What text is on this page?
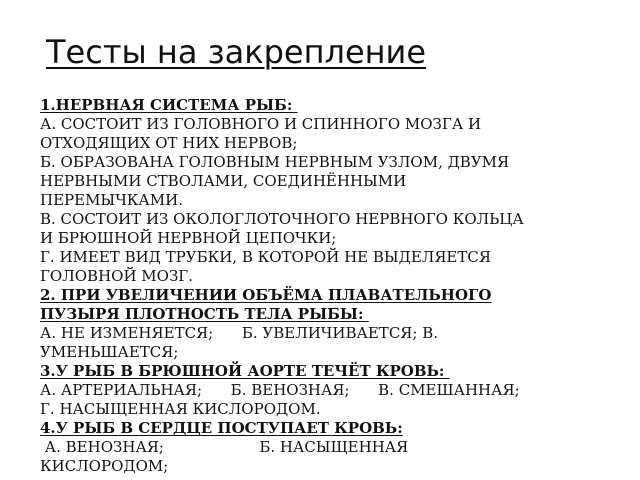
Тесты на закрепление
1.НЕРВНАЯ СИСТЕМА РЫБ:
А. СОСТОИТ ИЗ ГОЛОВНОГО И СПИННОГО МОЗГА И
ОТХОДЯЩИХ ОТ НИХ НЕРВОВ;
Б. ОБРАЗОВАНА ГОЛОВНЫМ НЕРВНЫМ УЗЛОМ, ДВУМЯ
НЕРВНЫМИ СТВОЛАМИ, СОЕДИНЁННЫМИ
ПЕРЕМЫЧКАМИ.
В. СОСТОИТ ИЗ ОКОЛОГЛОТОЧНОГО НЕРВНОГО КОЛЬЦА
И БРЮШНОЙ НЕРВНОЙ ЦЕПОЧКИ;
Г. ИМЕЕТ ВИД ТРУБКИ, В КОТОРОЙ НЕ ВЫДЕЛЯЕТСЯ
ГОЛОВНОЙ МОЗГ.
2. ПРИ УВЕЛИЧЕНИИ ОБЪЁМА ПЛАВАТЕЛЬНОГО
ПУЗЫРЯ ПЛОТНОСТЬ ТЕЛА РЫБЫ:
А. НЕ ИЗМЕНЯЕТСЯ;      Б. УВЕЛИЧИВАЕТСЯ; В.
УМЕНЬШАЕТСЯ;
3.У РЫБ В БРЮШНОЙ АОРТЕ ТЕЧЁТ КРОВЬ:
А. АРТЕРИАЛЬНАЯ;      Б. ВЕНОЗНАЯ;      В. СМЕШАННАЯ;
Г. НАСЫЩЕННАЯ КИСЛОРОДОМ.
4.У РЫБ В СЕРДЦЕ ПОСТУПАЕТ КРОВЬ:
А. ВЕНОЗНАЯ;                    Б. НАСЫЩЕННАЯ
КИСЛОРОДОМ;
